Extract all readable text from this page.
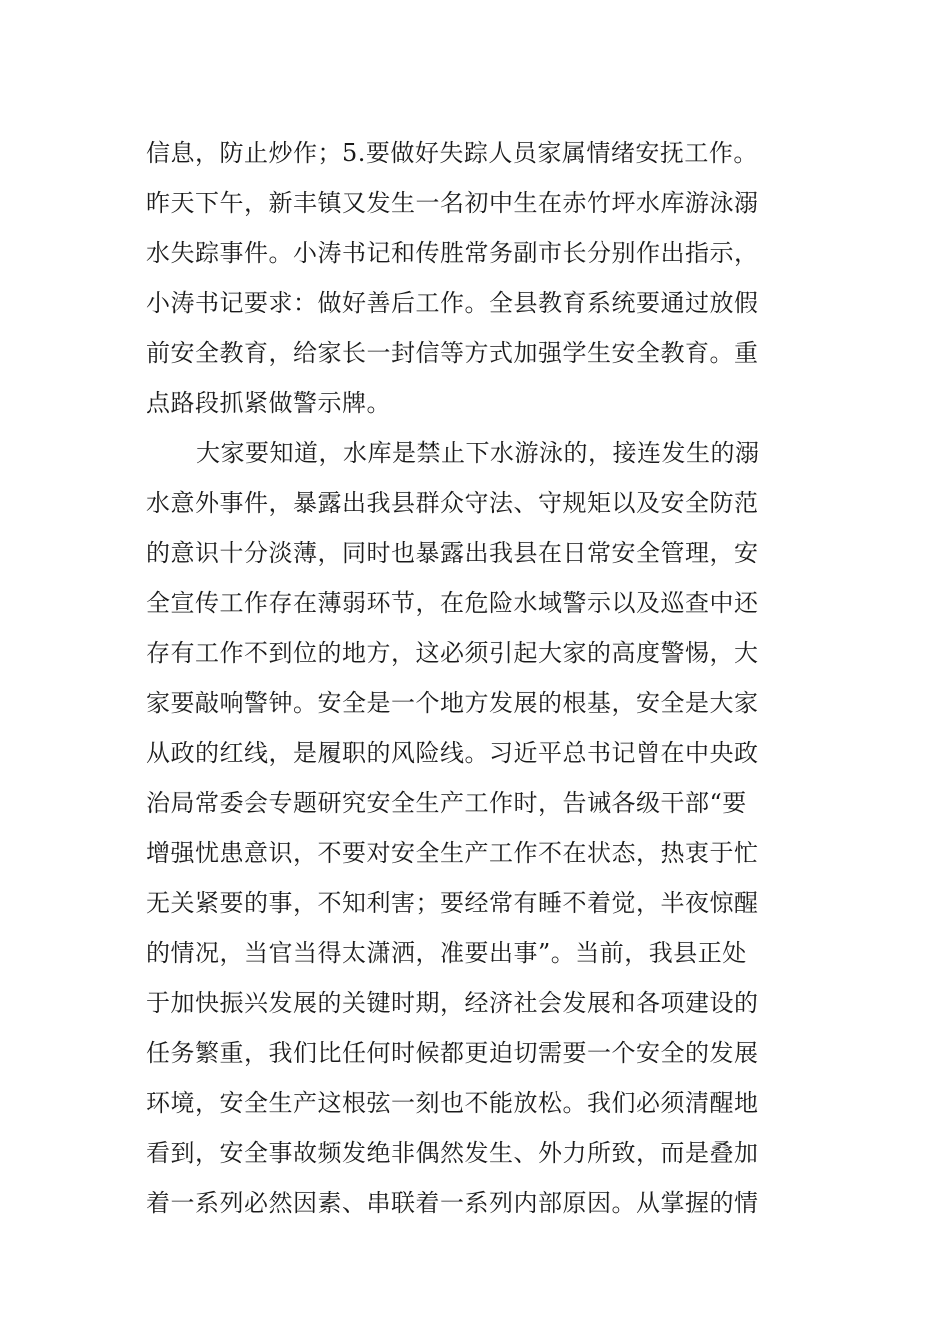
信息，防止炒作；5.要做好失踪人员家属情绪安抚工作。
昨天下午，新丰镇又发生一名初中生在赤竹坪水库游泳溺
水失踪事件。小涛书记和传胜常务副市长分别作出指示，
小涛书记要求：做好善后工作。全县教育系统要通过放假
前安全教育，给家长一封信等方式加强学生安全教育。重
点路段抓紧做警示牌。
大家要知道，水库是禁止下水游泳的，接连发生的溺
水意外事件，暴露出我县群众守法、守规矩以及安全防范
的意识十分淡薄，同时也暴露出我县在日常安全管理，安
全宣传工作存在薄弱环节，在危险水域警示以及巡查中还
存有工作不到位的地方，这必须引起大家的高度警惕，大
家要敲响警钟。安全是一个地方发展的根基，安全是大家
从政的红线，是履职的风险线。习近平总书记曾在中央政
治局常委会专题研究安全生产工作时，告诫各级干部“要
增强忧患意识，不要对安全生产工作不在状态，热衷于忙
无关紧要的事，不知利害；要经常有睡不着觉，半夜惊醒
的情况，当官当得太潇洒，准要出事”。当前，我县正处
于加快振兴发展的关键时期，经济社会发展和各项建设的
任务繁重，我们比任何时候都更迫切需要一个安全的发展
环境，安全生产这根弦一刻也不能放松。我们必须清醒地
看到，安全事故频发绝非偶然发生、外力所致，而是叠加
着一系列必然因素、串联着一系列内部原因。从掌握的情
